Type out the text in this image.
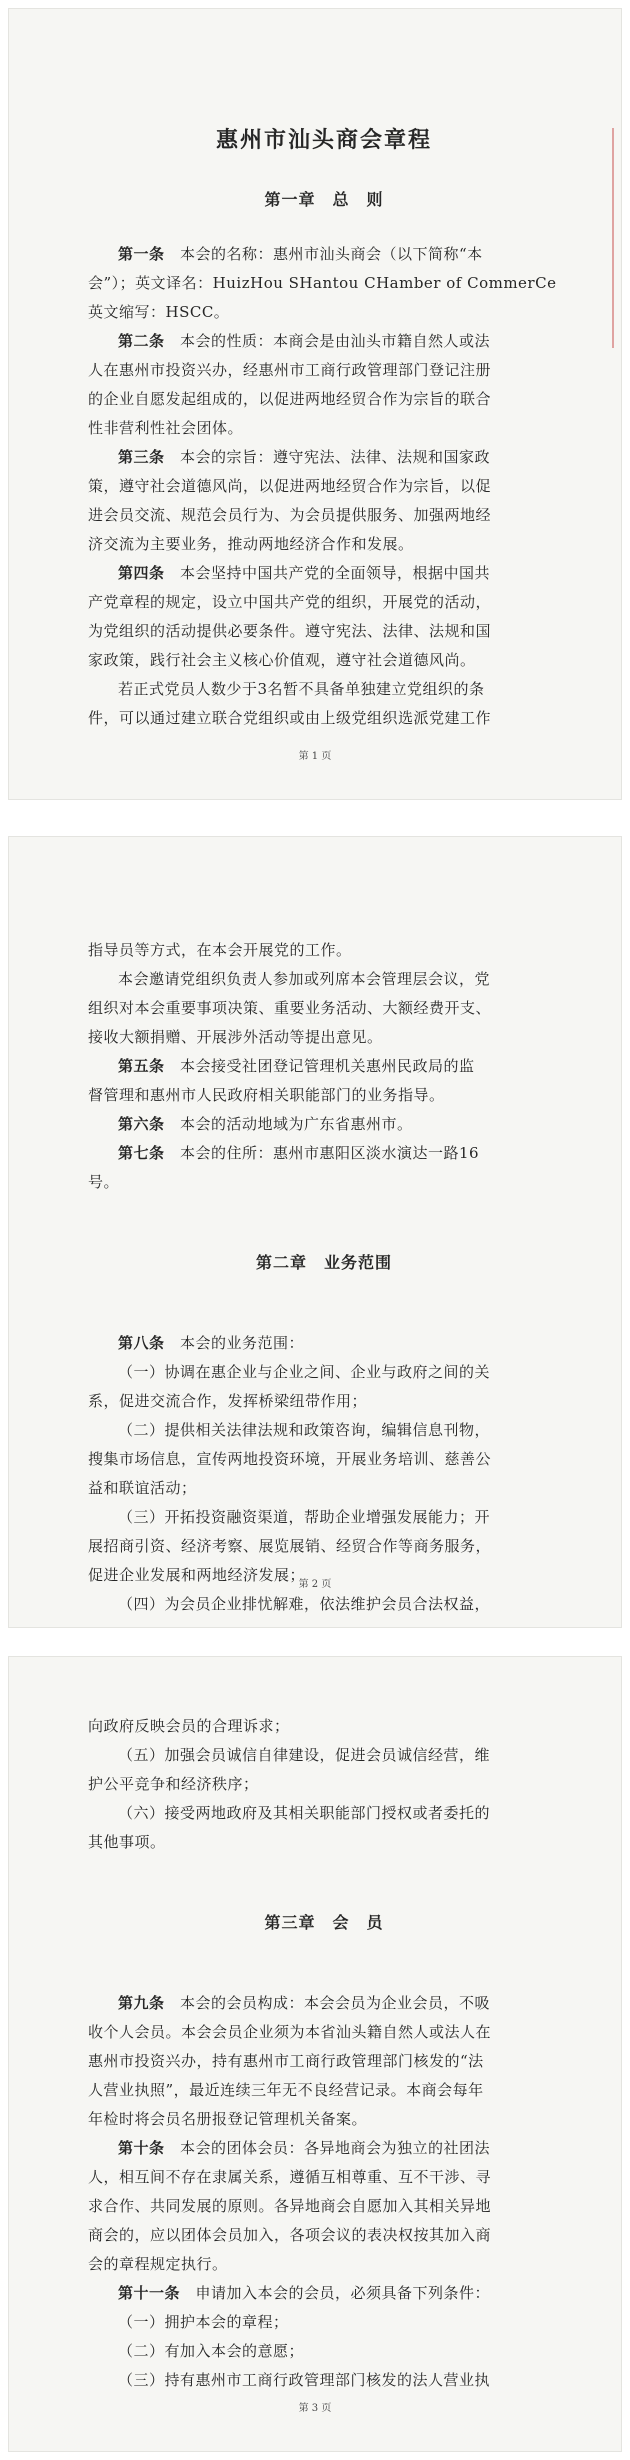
惠州市汕头商会章程
第一章　总　则
第一条　本会的名称：惠州市汕头商会（以下简称“本
会”）；英文译名：HuizHou SHantou CHamber of CommerCe
英文缩写：HSCC。
第二条　本会的性质：本商会是由汕头市籍自然人或法
人在惠州市投资兴办，经惠州市工商行政管理部门登记注册
的企业自愿发起组成的，以促进两地经贸合作为宗旨的联合
性非营利性社会团体。
第三条　本会的宗旨：遵守宪法、法律、法规和国家政
策，遵守社会道德风尚，以促进两地经贸合作为宗旨，以促
进会员交流、规范会员行为、为会员提供服务、加强两地经
济交流为主要业务，推动两地经济合作和发展。
第四条　本会坚持中国共产党的全面领导，根据中国共
产党章程的规定，设立中国共产党的组织，开展党的活动，
为党组织的活动提供必要条件。遵守宪法、法律、法规和国
家政策，践行社会主义核心价值观，遵守社会道德风尚。
若正式党员人数少于3名暂不具备单独建立党组织的条
件，可以通过建立联合党组织或由上级党组织选派党建工作
第 1 页
指导员等方式，在本会开展党的工作。
本会邀请党组织负责人参加或列席本会管理层会议，党
组织对本会重要事项决策、重要业务活动、大额经费开支、
接收大额捐赠、开展涉外活动等提出意见。
第五条　本会接受社团登记管理机关惠州民政局的监
督管理和惠州市人民政府相关职能部门的业务指导。
第六条　本会的活动地域为广东省惠州市。
第七条　本会的住所：惠州市惠阳区淡水演达一路16
号。
第二章　业务范围
第八条　本会的业务范围：
（一）协调在惠企业与企业之间、企业与政府之间的关
系，促进交流合作，发挥桥梁纽带作用；
（二）提供相关法律法规和政策咨询，编辑信息刊物，
搜集市场信息，宣传两地投资环境，开展业务培训、慈善公
益和联谊活动；
（三）开拓投资融资渠道，帮助企业增强发展能力；开
展招商引资、经济考察、展览展销、经贸合作等商务服务，
促进企业发展和两地经济发展；
（四）为会员企业排忧解难，依法维护会员合法权益，
第 2 页
向政府反映会员的合理诉求；
（五）加强会员诚信自律建设，促进会员诚信经营，维
护公平竞争和经济秩序；
（六）接受两地政府及其相关职能部门授权或者委托的
其他事项。
第三章　会　员
第九条　本会的会员构成：本会会员为企业会员，不吸
收个人会员。本会会员企业须为本省汕头籍自然人或法人在
惠州市投资兴办，持有惠州市工商行政管理部门核发的“法
人营业执照”，最近连续三年无不良经营记录。本商会每年
年检时将会员名册报登记管理机关备案。
第十条　本会的团体会员：各异地商会为独立的社团法
人，相互间不存在隶属关系，遵循互相尊重、互不干涉、寻
求合作、共同发展的原则。各异地商会自愿加入其相关异地
商会的，应以团体会员加入，各项会议的表决权按其加入商
会的章程规定执行。
第十一条　申请加入本会的会员，必须具备下列条件：
（一）拥护本会的章程；
（二）有加入本会的意愿；
（三）持有惠州市工商行政管理部门核发的法人营业执
第 3 页
